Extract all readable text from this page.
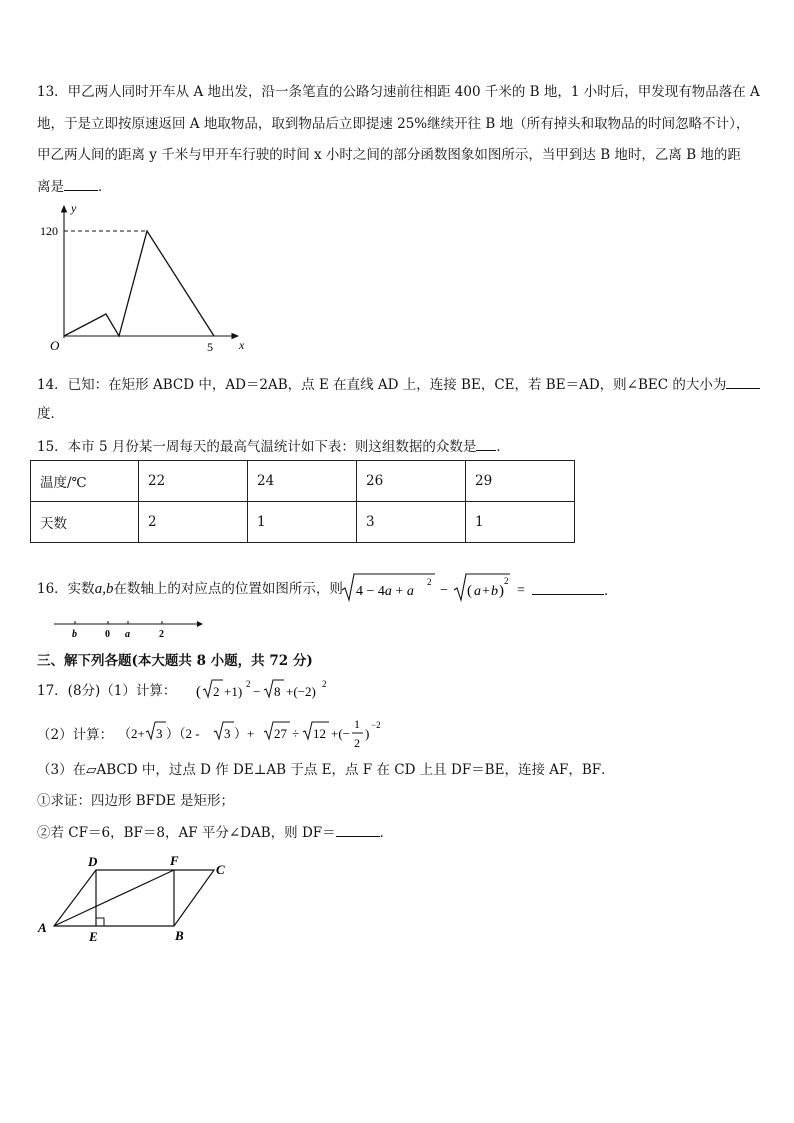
13．甲乙两人同时开车从 A 地出发，沿一条笔直的公路匀速前往相距 400 千米的 B 地，1 小时后，甲发现有物品落在 A
地，于是立即按原速返回 A 地取物品，取到物品后立即提速 25%继续开往 B 地（所有掉头和取物品的时间忽略不计），
甲乙两人间的距离 y 千米与甲开车行驶的时间 x 小时之间的部分函数图象如图所示，当甲到达 B 地时，乙离 B 地的距
离是	．
y
120
O	5 x
14．已知：在矩形 ABCD 中，AD＝2AB，点 E 在直线 AD 上，连接 BE，CE，若 BE＝AD，则∠BEC 的大小为
度．
15．本市 5 月份某一周每天的最高气温统计如下表：则这组数据的众数是 ．
温度/℃	22	24	26	29
天数	2	1	3	1
16．实数a,b在数轴上的对应点的位置如图所示，则 4 − 4a + a
2
− ( a + b )
2
=	．
b	0 a	2
三、解下列各题(本大题共 8 小题，共 72 分)
17．(8分)（1）计算： ( 2 +1) 2 − 8 +(−2) 2
（2）计算： （2+ 3 ）（2 - 3 ）+ 27 ÷ 12 +(−
1
2
)
−2
（3）在▱ABCD 中，过点 D 作 DE⊥AB 于点 E，点 F 在 CD 上且 DF＝BE，连接 AF，BF．
①求证：四边形 BFDE 是矩形；
②若 CF＝6，BF＝8，AF 平分∠DAB，则 DF＝	．
A
B
C
D
E
F
